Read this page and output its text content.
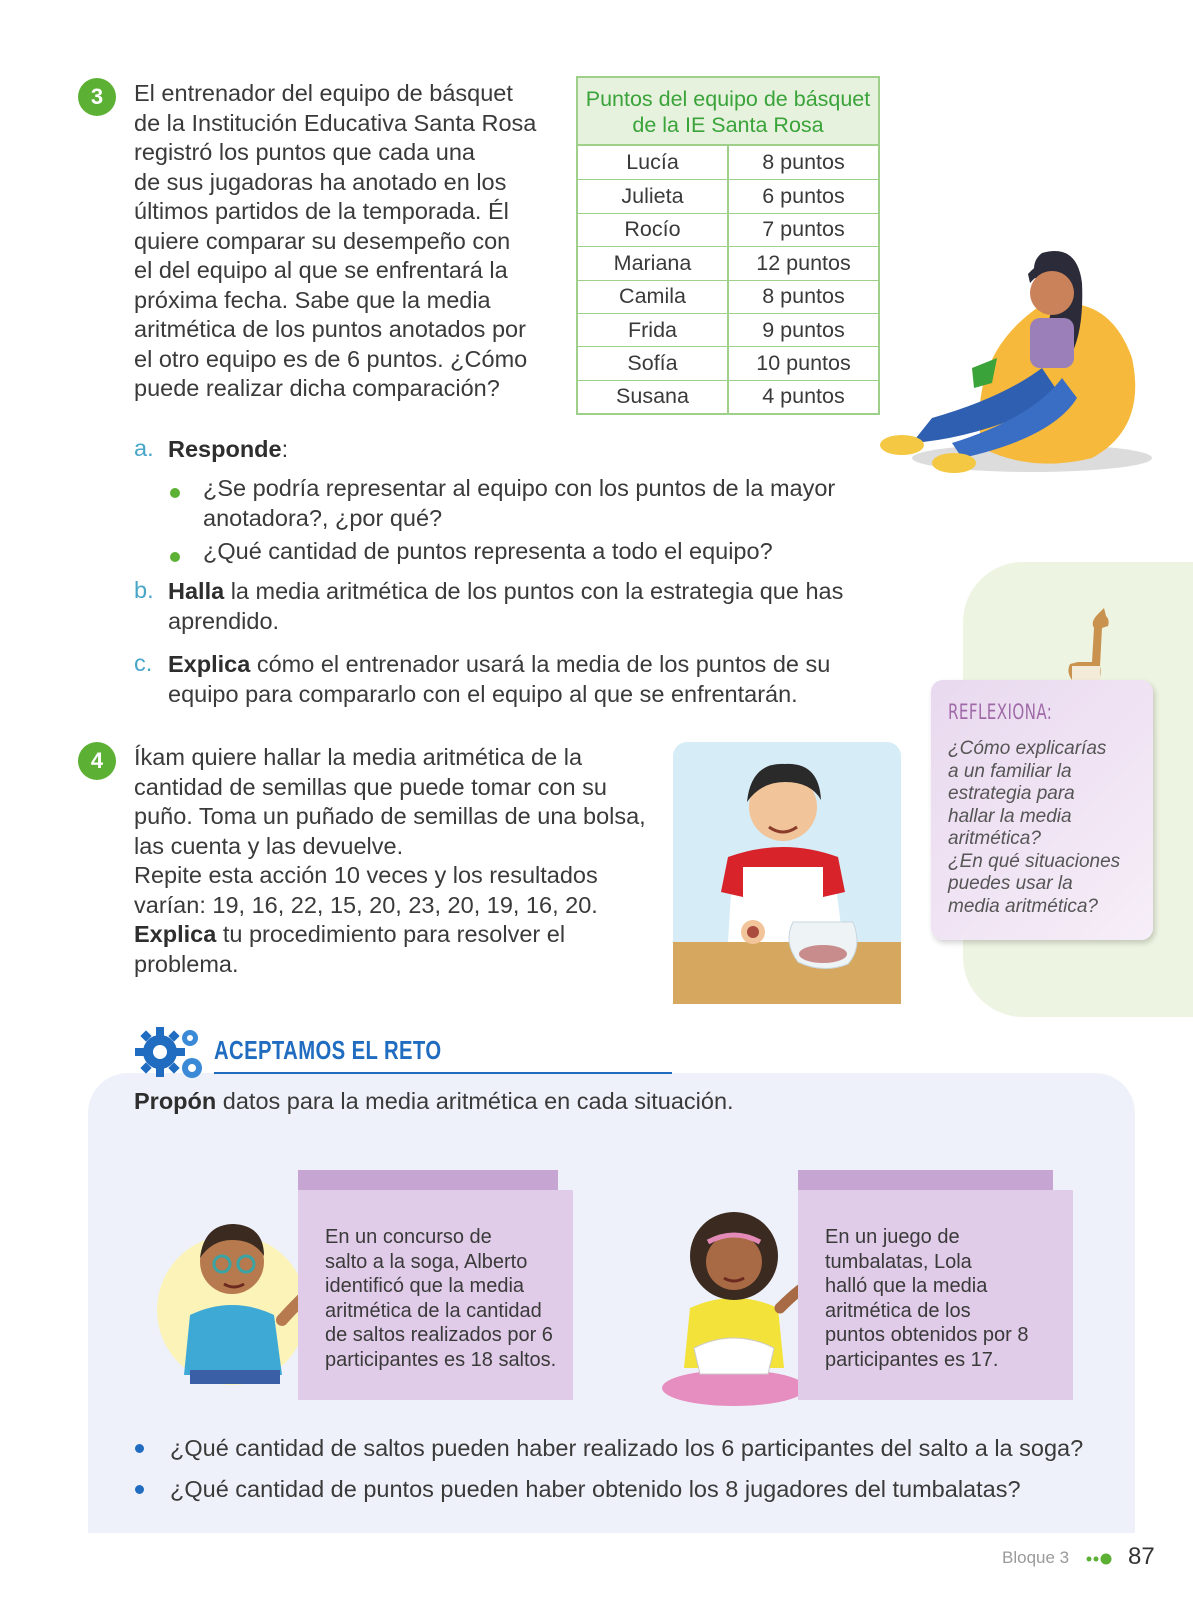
3 El entrenador del equipo de básquet
de la Institución Educativa Santa Rosa
registró los puntos que cada una
de sus jugadoras ha anotado en los
últimos partidos de la temporada. Él
quiere comparar su desempeño con
el del equipo al que se enfrentará la
próxima fecha. Sabe que la media
aritmética de los puntos anotados por
el otro equipo es de 6 puntos. ¿Cómo
puede realizar dicha comparación?
Puntos del equipo de básquet de la IE Santa Rosa
Lucía	8 puntos
Julieta	6 puntos
Rocío	7 puntos
Mariana	12 puntos
Camila	8 puntos
Frida	9 puntos
Sofía	10 puntos
Susana	4 puntos
a. Responde:
¿Se podría representar al equipo con los puntos de la mayor
anotadora?, ¿por qué?
¿Qué cantidad de puntos representa a todo el equipo?
b. Halla la media aritmética de los puntos con la estrategia que has
aprendido.
c. Explica cómo el entrenador usará la media de los puntos de su
equipo para compararlo con el equipo al que se enfrentarán.
REFLEXIONA:
¿Cómo explicarías
a un familiar la
estrategia para
hallar la media
aritmética?
¿En qué situaciones
puedes usar la
media aritmética?
4 Íkam quiere hallar la media aritmética de la
cantidad de semillas que puede tomar con su
puño. Toma un puñado de semillas de una bolsa,
las cuenta y las devuelve.
Repite esta acción 10 veces y los resultados
varían: 19, 16, 22, 15, 20, 23, 20, 19, 16, 20.
Explica tu procedimiento para resolver el
problema.
ACEPTAMOS EL RETO
Propón datos para la media aritmética en cada situación.
En un concurso de
salto a la soga, Alberto
identificó que la media
aritmética de la cantidad
de saltos realizados por 6
participantes es 18 saltos.
En un juego de
tumbalatas, Lola
halló que la media
aritmética de los
puntos obtenidos por 8
participantes es 17.
¿Qué cantidad de saltos pueden haber realizado los 6 participantes del salto a la soga?
¿Qué cantidad de puntos pueden haber obtenido los 8 jugadores del tumbalatas?
Bloque 3 87
